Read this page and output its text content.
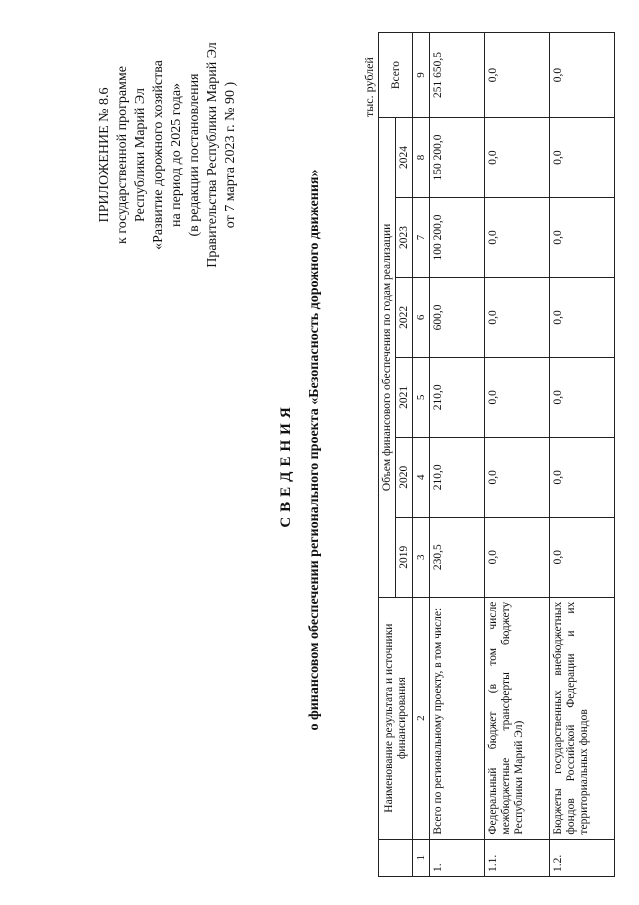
ПРИЛОЖЕНИЕ № 8.6 к государственной программе Республики Марий Эл «Развитие дорожного хозяйства на период до 2025 года» (в редакции постановления Правительства Республики Марий Эл от 7 марта 2023 г. № 90 )
СВЕДЕНИЯ о финансовом обеспечении регионального проекта «Безопасность дорожного движения»
тыс. рублей
	Наименование результата и источники финансирования	Объем финансового обеспечения по годам реализации						Всего
		2019	2020	2021	2022	2023	2024	
1	2	3	4	5	6	7	8	9
1.	Всего по региональному проекту, в том числе:	230,5	210,0	210,0	600,0	100 200,0	150 200,0	251 650,5
1.1.	Федеральный бюджет (в том числе межбюджетные трансферты бюджету Республики Марий Эл)	0,0	0,0	0,0	0,0	0,0	0,0	0,0
1.2.	Бюджеты государственных внебюджетных фондов Российской Федерации и их территориальных фондов	0,0	0,0	0,0	0,0	0,0	0,0	0,0
